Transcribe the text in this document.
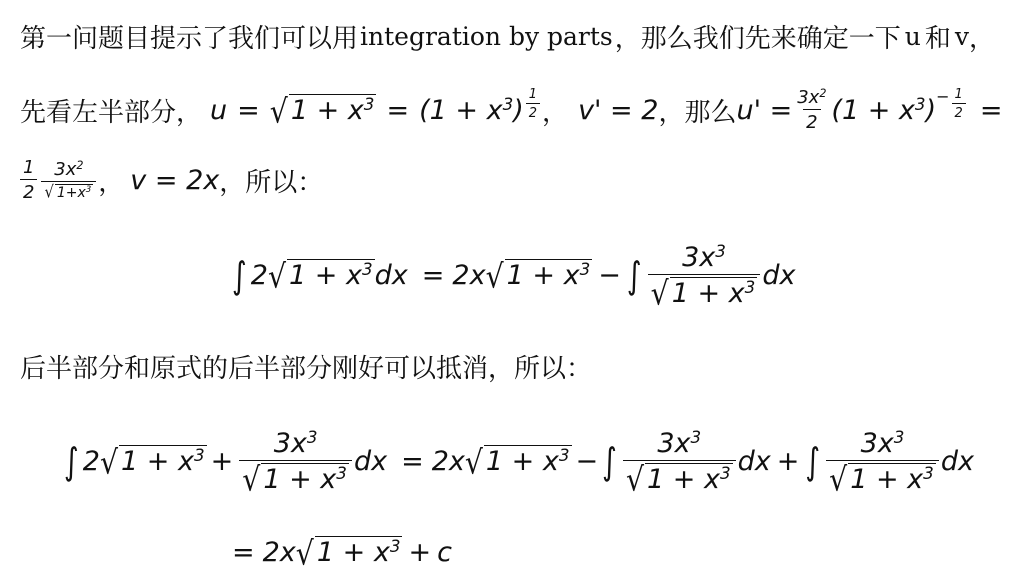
第一问题目提示了我们可以用 integration by parts ，那么我们先来确定一下 u 和 v ，
先看左半部分， u = √ $1 + x^3 = (1 + x^3) \frac{1}{2}$ ， v' = 2 ，那么 $u' = \frac{3x^2}{2} (1 + x^3) - \frac{1}{2}$ =
$\frac{1}{2} \frac{3x^2}{√ 1+x^3}$ ， v = 2x ，所以：
∫ 2 √ $1 + x^3$ dx = 2x √ $1 + x^3$ − ∫ $\frac{3x^3}{√ 1 + x^3}$ dx
后半部分和原式的后半部分刚好可以抵消，所以：
∫ 2 √ $1 + x^3 + \frac{3x^3}{√ 1 + x^3}$ dx = 2x √ $1 + x^3$ − ∫ $\frac{3x^3}{√ 1 + x^3}$ dx + ∫ $\frac{3x^3}{√ 1 + x^3}$ dx
= 2x √ $1 + x^3 + c$
